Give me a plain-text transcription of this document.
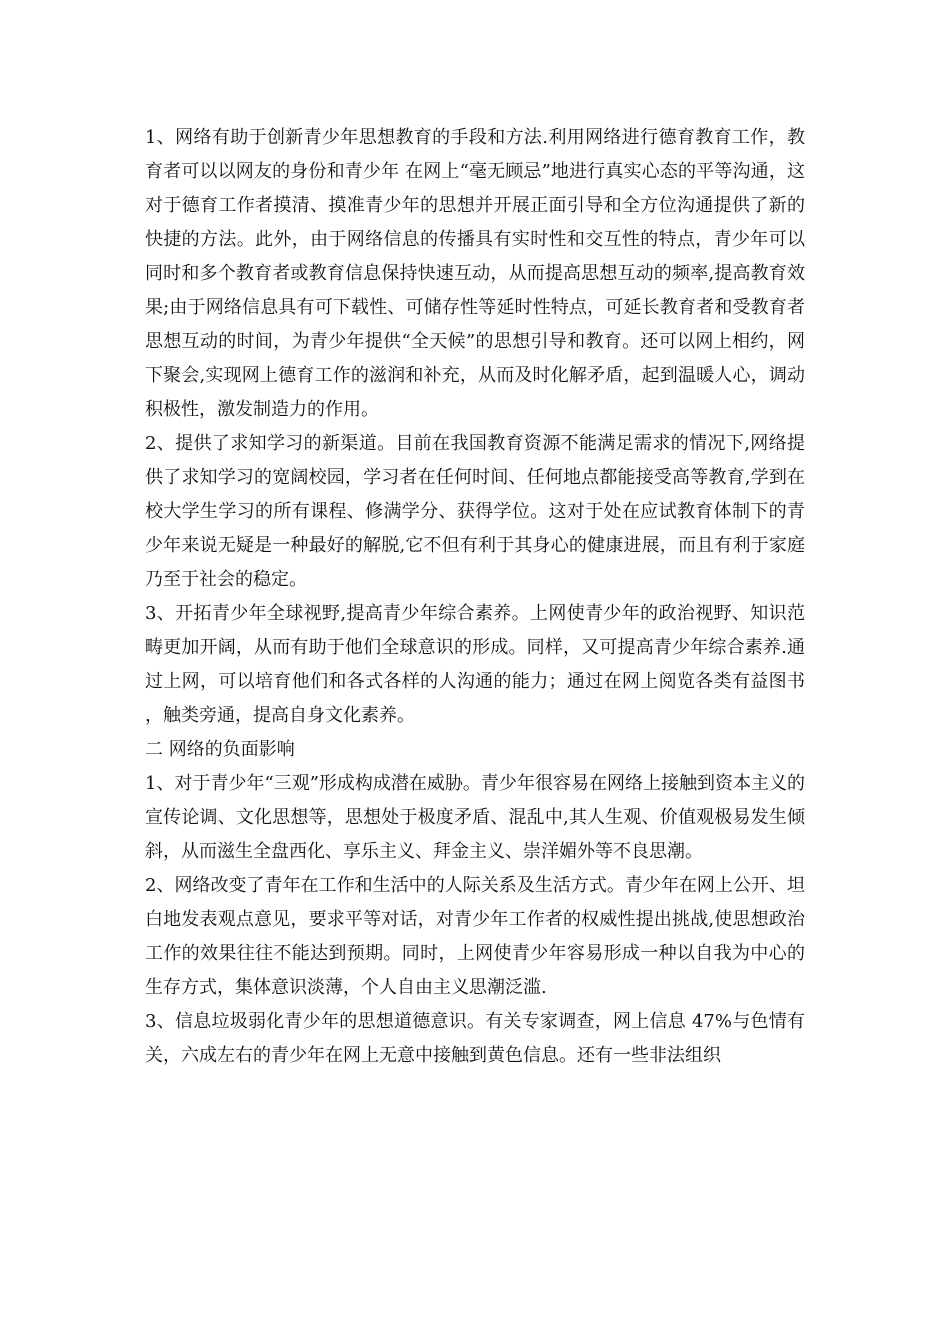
1、网络有助于创新青少年思想教育的手段和方法.利用网络进行德育教育工作，教育者可以以网友的身份和青少年 在网上“毫无顾忌”地进行真实心态的平等沟通，这对于德育工作者摸清、摸准青少年的思想并开展正面引导和全方位沟通提供了新的快捷的方法。此外，由于网络信息的传播具有实时性和交互性的特点，青少年可以同时和多个教育者或教育信息保持快速互动，从而提高思想互动的频率,提高教育效果;由于网络信息具有可下载性、可储存性等延时性特点，可延长教育者和受教育者思想互动的时间，为青少年提供“全天候”的思想引导和教育。还可以网上相约，网下聚会,实现网上德育工作的滋润和补充，从而及时化解矛盾，起到温暖人心，调动积极性，激发制造力的作用。

2、提供了求知学习的新渠道。目前在我国教育资源不能满足需求的情况下,网络提供了求知学习的宽阔校园，学习者在任何时间、任何地点都能接受高等教育,学到在校大学生学习的所有课程、修满学分、获得学位。这对于处在应试教育体制下的青少年来说无疑是一种最好的解脱,它不但有利于其身心的健康进展，而且有利于家庭乃至于社会的稳定。

3、开拓青少年全球视野,提高青少年综合素养。上网使青少年的政治视野、知识范畴更加开阔，从而有助于他们全球意识的形成。同样，又可提高青少年综合素养.通过上网，可以培育他们和各式各样的人沟通的能力；通过在网上阅览各类有益图书，触类旁通，提高自身文化素养。

二 网络的负面影响

1、对于青少年“三观”形成构成潜在威胁。青少年很容易在网络上接触到资本主义的宣传论调、文化思想等，思想处于极度矛盾、混乱中,其人生观、价值观极易发生倾斜，从而滋生全盘西化、享乐主义、拜金主义、崇洋媚外等不良思潮。

2、网络改变了青年在工作和生活中的人际关系及生活方式。青少年在网上公开、坦白地发表观点意见，要求平等对话，对青少年工作者的权威性提出挑战,使思想政治工作的效果往往不能达到预期。同时，上网使青少年容易形成一种以自我为中心的生存方式，集体意识淡薄，个人自由主义思潮泛滥.

3、信息垃圾弱化青少年的思想道德意识。有关专家调查，网上信息 47%与色情有关，六成左右的青少年在网上无意中接触到黄色信息。还有一些非法组织
